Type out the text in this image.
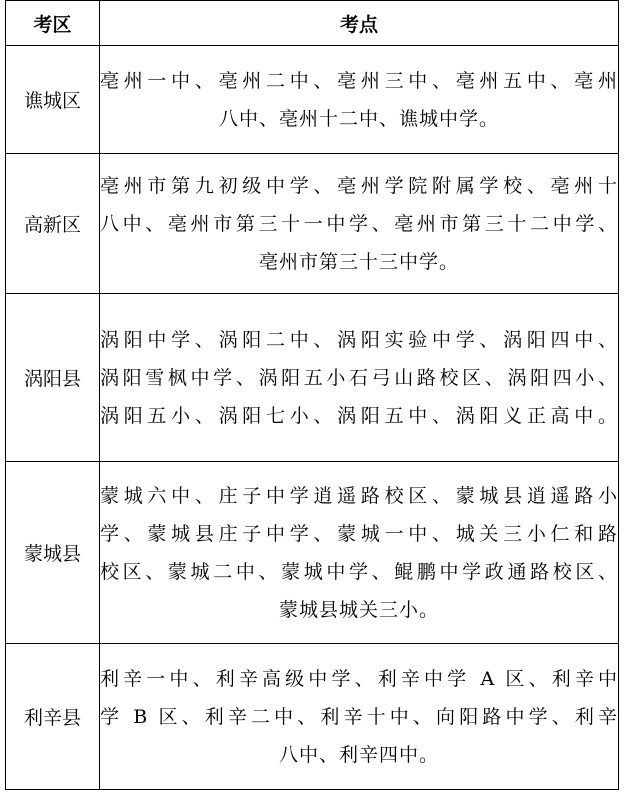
考区	考点
谯城区	亳州一中、亳州二中、亳州三中、亳州五中、亳州
八中、亳州十二中、谯城中学。

高新区	亳州市第九初级中学、亳州学院附属学校、亳州十
八中、亳州市第三十一中学、亳州市第三十二中学、
亳州市第三十三中学。

涡阳县	涡阳中学、涡阳二中、涡阳实验中学、涡阳四中、
涡阳雪枫中学、涡阳五小石弓山路校区、涡阳四小、
涡阳五小、涡阳七小、涡阳五中、涡阳义正高中。

蒙城县	蒙城六中、庄子中学逍遥路校区、蒙城县逍遥路小
学、蒙城县庄子中学、蒙城一中、城关三小仁和路
校区、蒙城二中、蒙城中学、鲲鹏中学政通路校区、
蒙城县城关三小。

利辛县	利辛一中、利辛高级中学、利辛中学 A 区、利辛中
学 B 区、利辛二中、利辛十中、向阳路中学、利辛
八中、利辛四中。
